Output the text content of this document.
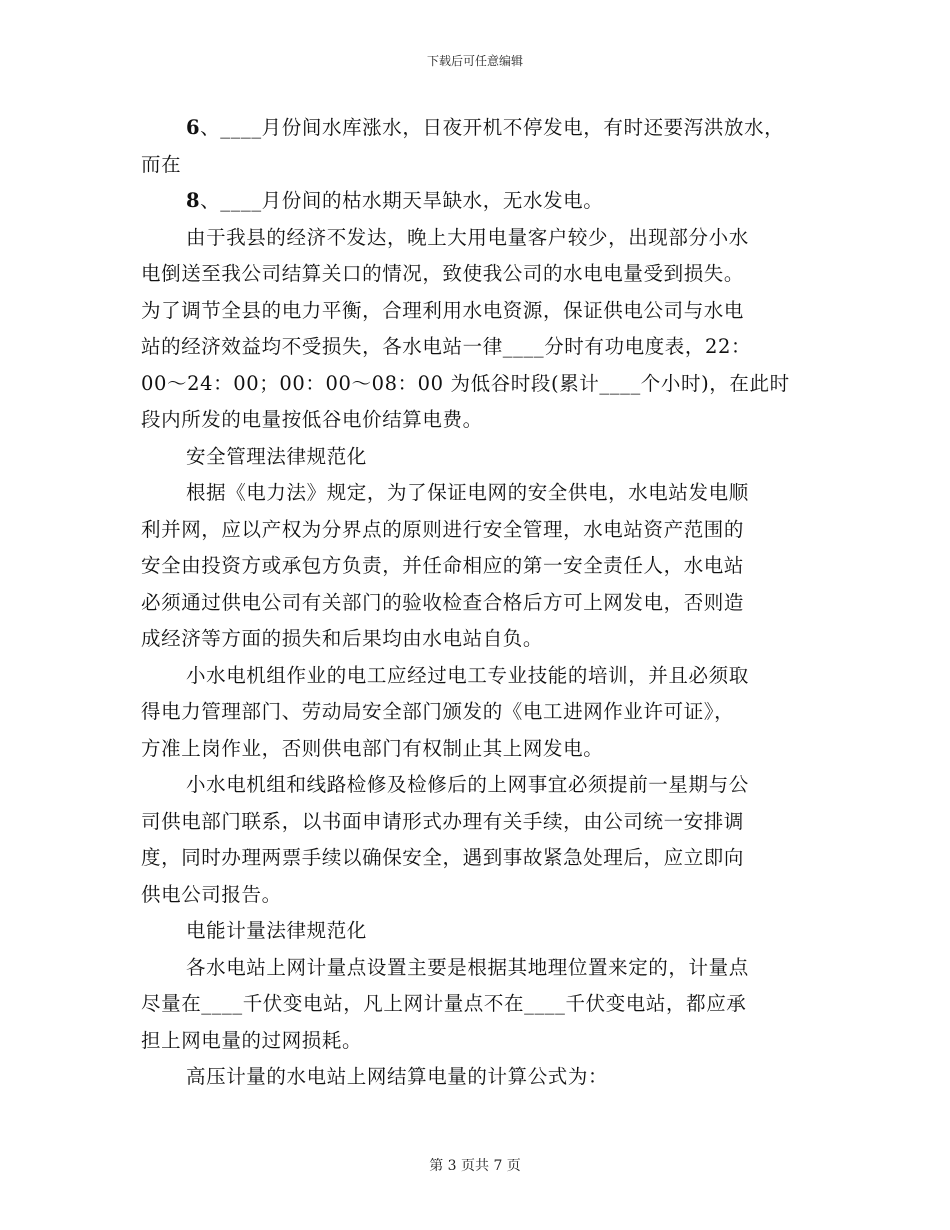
下载后可任意编辑
6、____月份间水库涨水，日夜开机不停发电，有时还要泻洪放水，
而在
8、____月份间的枯水期天旱缺水，无水发电。
由于我县的经济不发达，晚上大用电量客户较少，出现部分小水
电倒送至我公司结算关口的情况，致使我公司的水电电量受到损失。
为了调节全县的电力平衡，合理利用水电资源，保证供电公司与水电
站的经济效益均不受损失，各水电站一律____分时有功电度表，22：
00～24：00；00：00～08：00 为低谷时段(累计____个小时)，在此时
段内所发的电量按低谷电价结算电费。
安全管理法律规范化
根据《电力法》规定，为了保证电网的安全供电，水电站发电顺
利并网，应以产权为分界点的原则进行安全管理，水电站资产范围的
安全由投资方或承包方负责，并任命相应的第一安全责任人，水电站
必须通过供电公司有关部门的验收检查合格后方可上网发电，否则造
成经济等方面的损失和后果均由水电站自负。
小水电机组作业的电工应经过电工专业技能的培训，并且必须取
得电力管理部门、劳动局安全部门颁发的《电工进网作业许可证》，
方准上岗作业，否则供电部门有权制止其上网发电。
小水电机组和线路检修及检修后的上网事宜必须提前一星期与公
司供电部门联系，以书面申请形式办理有关手续，由公司统一安排调
度，同时办理两票手续以确保安全，遇到事故紧急处理后，应立即向
供电公司报告。
电能计量法律规范化
各水电站上网计量点设置主要是根据其地理位置来定的，计量点
尽量在____千伏变电站，凡上网计量点不在____千伏变电站，都应承
担上网电量的过网损耗。
高压计量的水电站上网结算电量的计算公式为：
第 3 页共 7 页
